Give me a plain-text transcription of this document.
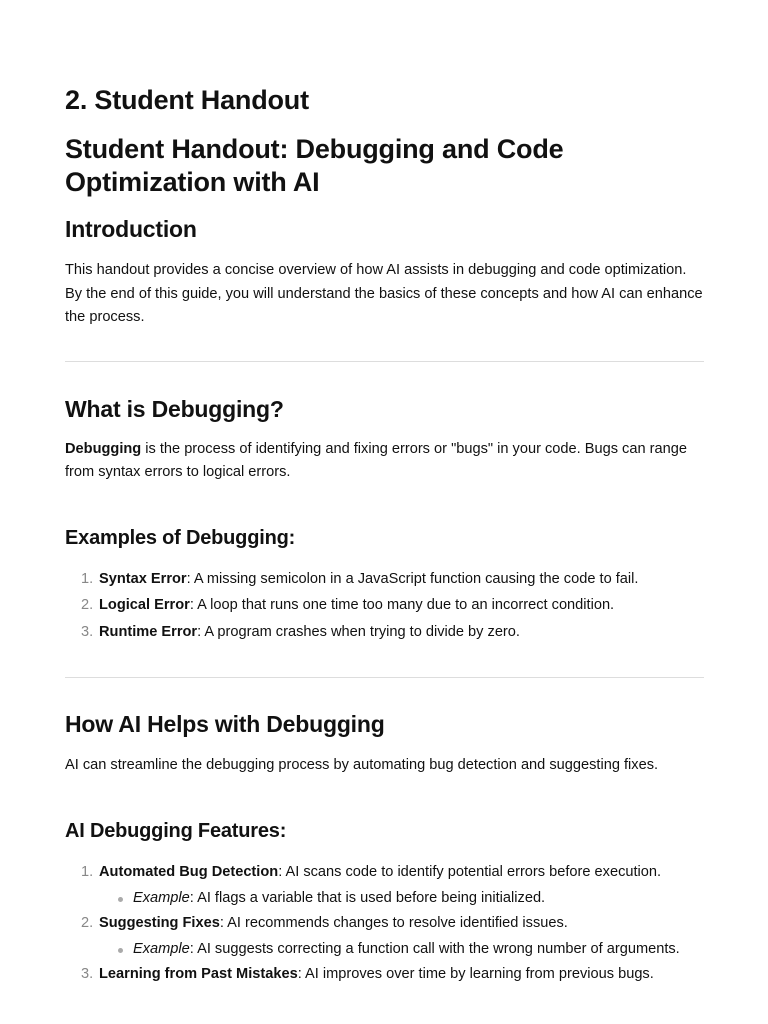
2. Student Handout
Student Handout: Debugging and Code Optimization with AI
Introduction

This handout provides a concise overview of how AI assists in debugging and code optimization. By the end of this guide, you will understand the basics of these concepts and how AI can enhance the process.

What is Debugging?

Debugging is the process of identifying and fixing errors or "bugs" in your code. Bugs can range from syntax errors to logical errors.

Examples of Debugging:
1. Syntax Error: A missing semicolon in a JavaScript function causing the code to fail.
2. Logical Error: A loop that runs one time too many due to an incorrect condition.
3. Runtime Error: A program crashes when trying to divide by zero.
How AI Helps with Debugging

AI can streamline the debugging process by automating bug detection and suggesting fixes.

AI Debugging Features:
1. Automated Bug Detection: AI scans code to identify potential errors before execution.
Example: AI flags a variable that is used before being initialized.
2. Suggesting Fixes: AI recommends changes to resolve identified issues.
Example: AI suggests correcting a function call with the wrong number of arguments.
3. Learning from Past Mistakes: AI improves over time by learning from previous bugs.
